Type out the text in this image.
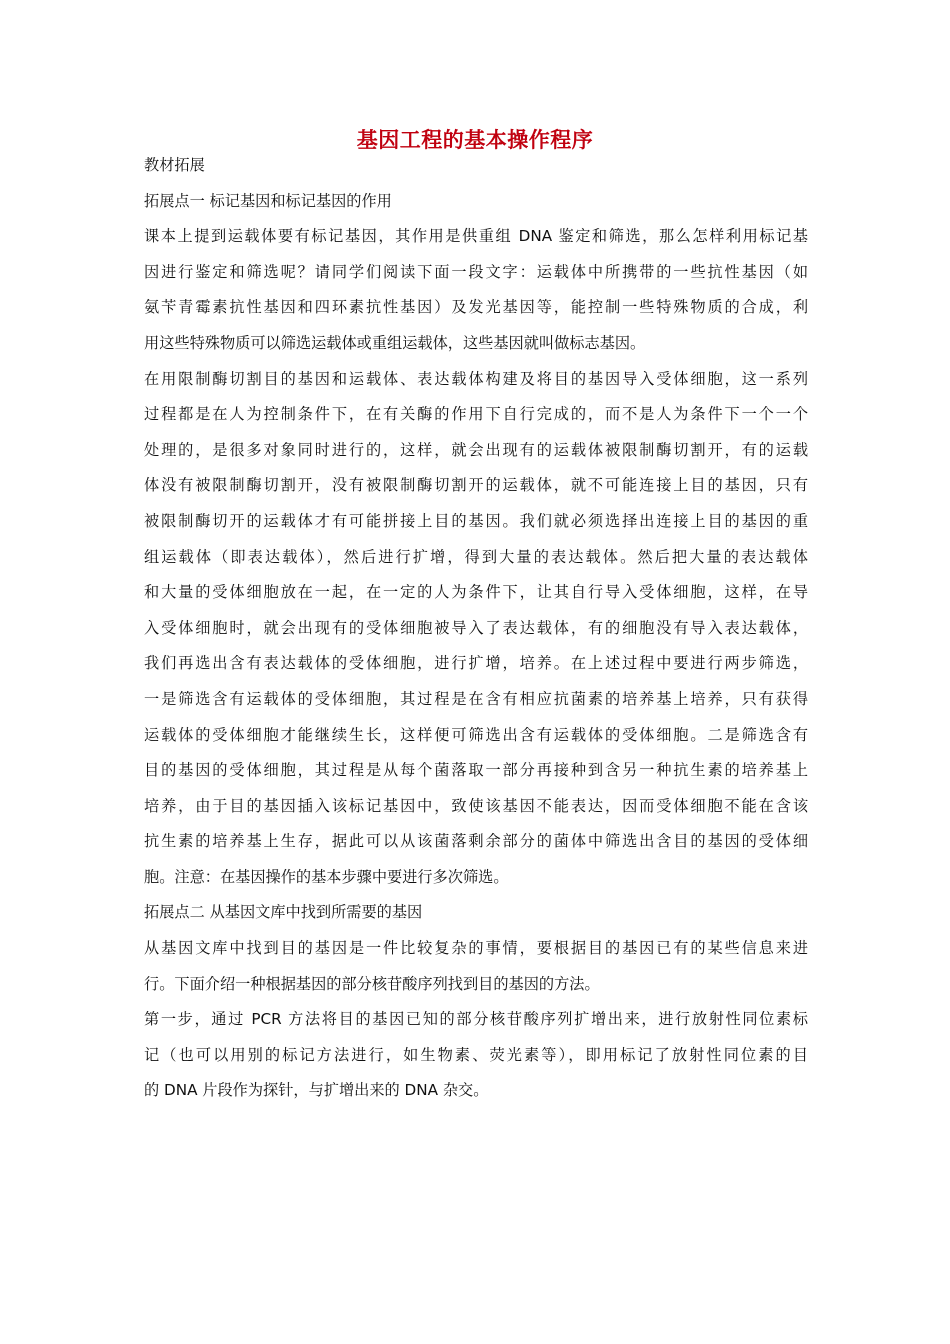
基因工程的基本操作程序
教材拓展
拓展点一 标记基因和标记基因的作用
课本上提到运载体要有标记基因，其作用是供重组 DNA 鉴定和筛选，那么怎样利用标记基
因进行鉴定和筛选呢？请同学们阅读下面一段文字：运载体中所携带的一些抗性基因（如
氨苄青霉素抗性基因和四环素抗性基因）及发光基因等，能控制一些特殊物质的合成，利
用这些特殊物质可以筛选运载体或重组运载体，这些基因就叫做标志基因。
在用限制酶切割目的基因和运载体、表达载体构建及将目的基因导入受体细胞，这一系列
过程都是在人为控制条件下，在有关酶的作用下自行完成的，而不是人为条件下一个一个
处理的，是很多对象同时进行的，这样，就会出现有的运载体被限制酶切割开，有的运载
体没有被限制酶切割开，没有被限制酶切割开的运载体，就不可能连接上目的基因，只有
被限制酶切开的运载体才有可能拼接上目的基因。我们就必须选择出连接上目的基因的重
组运载体（即表达载体），然后进行扩增，得到大量的表达载体。然后把大量的表达载体
和大量的受体细胞放在一起，在一定的人为条件下，让其自行导入受体细胞，这样，在导
入受体细胞时，就会出现有的受体细胞被导入了表达载体，有的细胞没有导入表达载体，
我们再选出含有表达载体的受体细胞，进行扩增，培养。在上述过程中要进行两步筛选，
一是筛选含有运载体的受体细胞，其过程是在含有相应抗菌素的培养基上培养，只有获得
运载体的受体细胞才能继续生长，这样便可筛选出含有运载体的受体细胞。二是筛选含有
目的基因的受体细胞，其过程是从每个菌落取一部分再接种到含另一种抗生素的培养基上
培养，由于目的基因插入该标记基因中，致使该基因不能表达，因而受体细胞不能在含该
抗生素的培养基上生存，据此可以从该菌落剩余部分的菌体中筛选出含目的基因的受体细
胞。注意：在基因操作的基本步骤中要进行多次筛选。
拓展点二 从基因文库中找到所需要的基因
从基因文库中找到目的基因是一件比较复杂的事情，要根据目的基因已有的某些信息来进
行。下面介绍一种根据基因的部分核苷酸序列找到目的基因的方法。
第一步，通过 PCR 方法将目的基因已知的部分核苷酸序列扩增出来，进行放射性同位素标
记（也可以用别的标记方法进行，如生物素、荧光素等），即用标记了放射性同位素的目
的 DNA 片段作为探针，与扩增出来的 DNA 杂交。
